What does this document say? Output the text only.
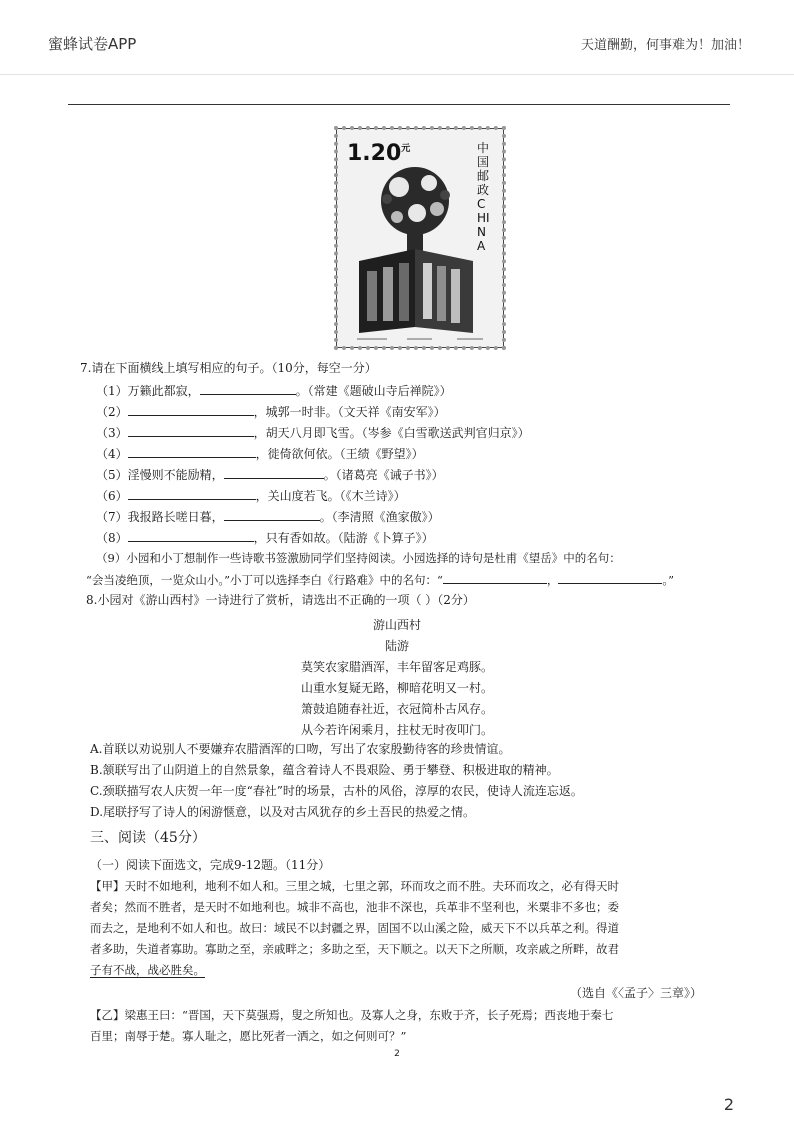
蜜蜂试卷APP	天道酬勤，何事难为！加油！
$1.20^元$	中国邮政 CHINA
7.请在下面横线上填写相应的句子。（10分，每空一分）
（1）万籁此都寂，	。（常建《题破山寺后禅院》）
（2）	，城郭一时非。（文天祥《南安军》）
（3）	，胡天八月即飞雪。（岑参《白雪歌送武判官归京》）
（4）	，徙倚欲何依。（王绩《野望》）
（5）淫慢则不能励精，	。（诸葛亮《诫子书》）
（6）	，关山度若飞。（《木兰诗》）
（7）我报路长嗟日暮，	。（李清照《渔家傲》）
（8）	，只有香如故。（陆游《卜算子》）
（9）小园和小丁想制作一些诗歌书签激励同学们坚持阅读。小园选择的诗句是杜甫《望岳》中的名句：
“会当凌绝顶，一览众山小。”小丁可以选择李白《行路难》中的名句：“	，	。”
8.小园对《游山西村》一诗进行了赏析，请选出不正确的一项（ ）（2分）
游山西村
陆游
莫笑农家腊酒浑，丰年留客足鸡豚。
山重水复疑无路，柳暗花明又一村。
箫鼓追随春社近，衣冠简朴古风存。
从今若许闲乘月，拄杖无时夜叩门。
A.首联以劝说别人不要嫌弃农腊酒浑的口吻，写出了农家殷勤待客的珍贵情谊。
B.颔联写出了山阴道上的自然景象，蕴含着诗人不畏艰险、勇于攀登、积极进取的精神。
C.颈联描写农人庆贺一年一度“春社”时的场景，古朴的风俗，淳厚的农民，使诗人流连忘返。
D.尾联抒写了诗人的闲游惬意，以及对古风犹存的乡土吾民的热爱之情。
三、阅读（45分）
（一）阅读下面选文，完成9-12题。（11分）
【甲】天时不如地利，地利不如人和。三里之城，七里之郭，环而攻之而不胜。夫环而攻之，必有得天时
者矣；然而不胜者，是天时不如地利也。城非不高也，池非不深也，兵革非不坚利也，米粟非不多也；委
而去之，是地利不如人和也。故曰：域民不以封疆之界，固国不以山溪之险，威天下不以兵革之利。得道
者多助，失道者寡助。寡助之至，亲戚畔之；多助之至，天下顺之。以天下之所顺，攻亲戚之所畔，故君
子有不战，战必胜矣。
（选自《〈孟子〉三章》）
【乙】梁惠王曰：“晋国，天下莫强焉，叟之所知也。及寡人之身，东败于齐，长子死焉；西丧地于秦七
百里；南辱于楚。寡人耻之，愿比死者一洒之，如之何则可？”
2
2
